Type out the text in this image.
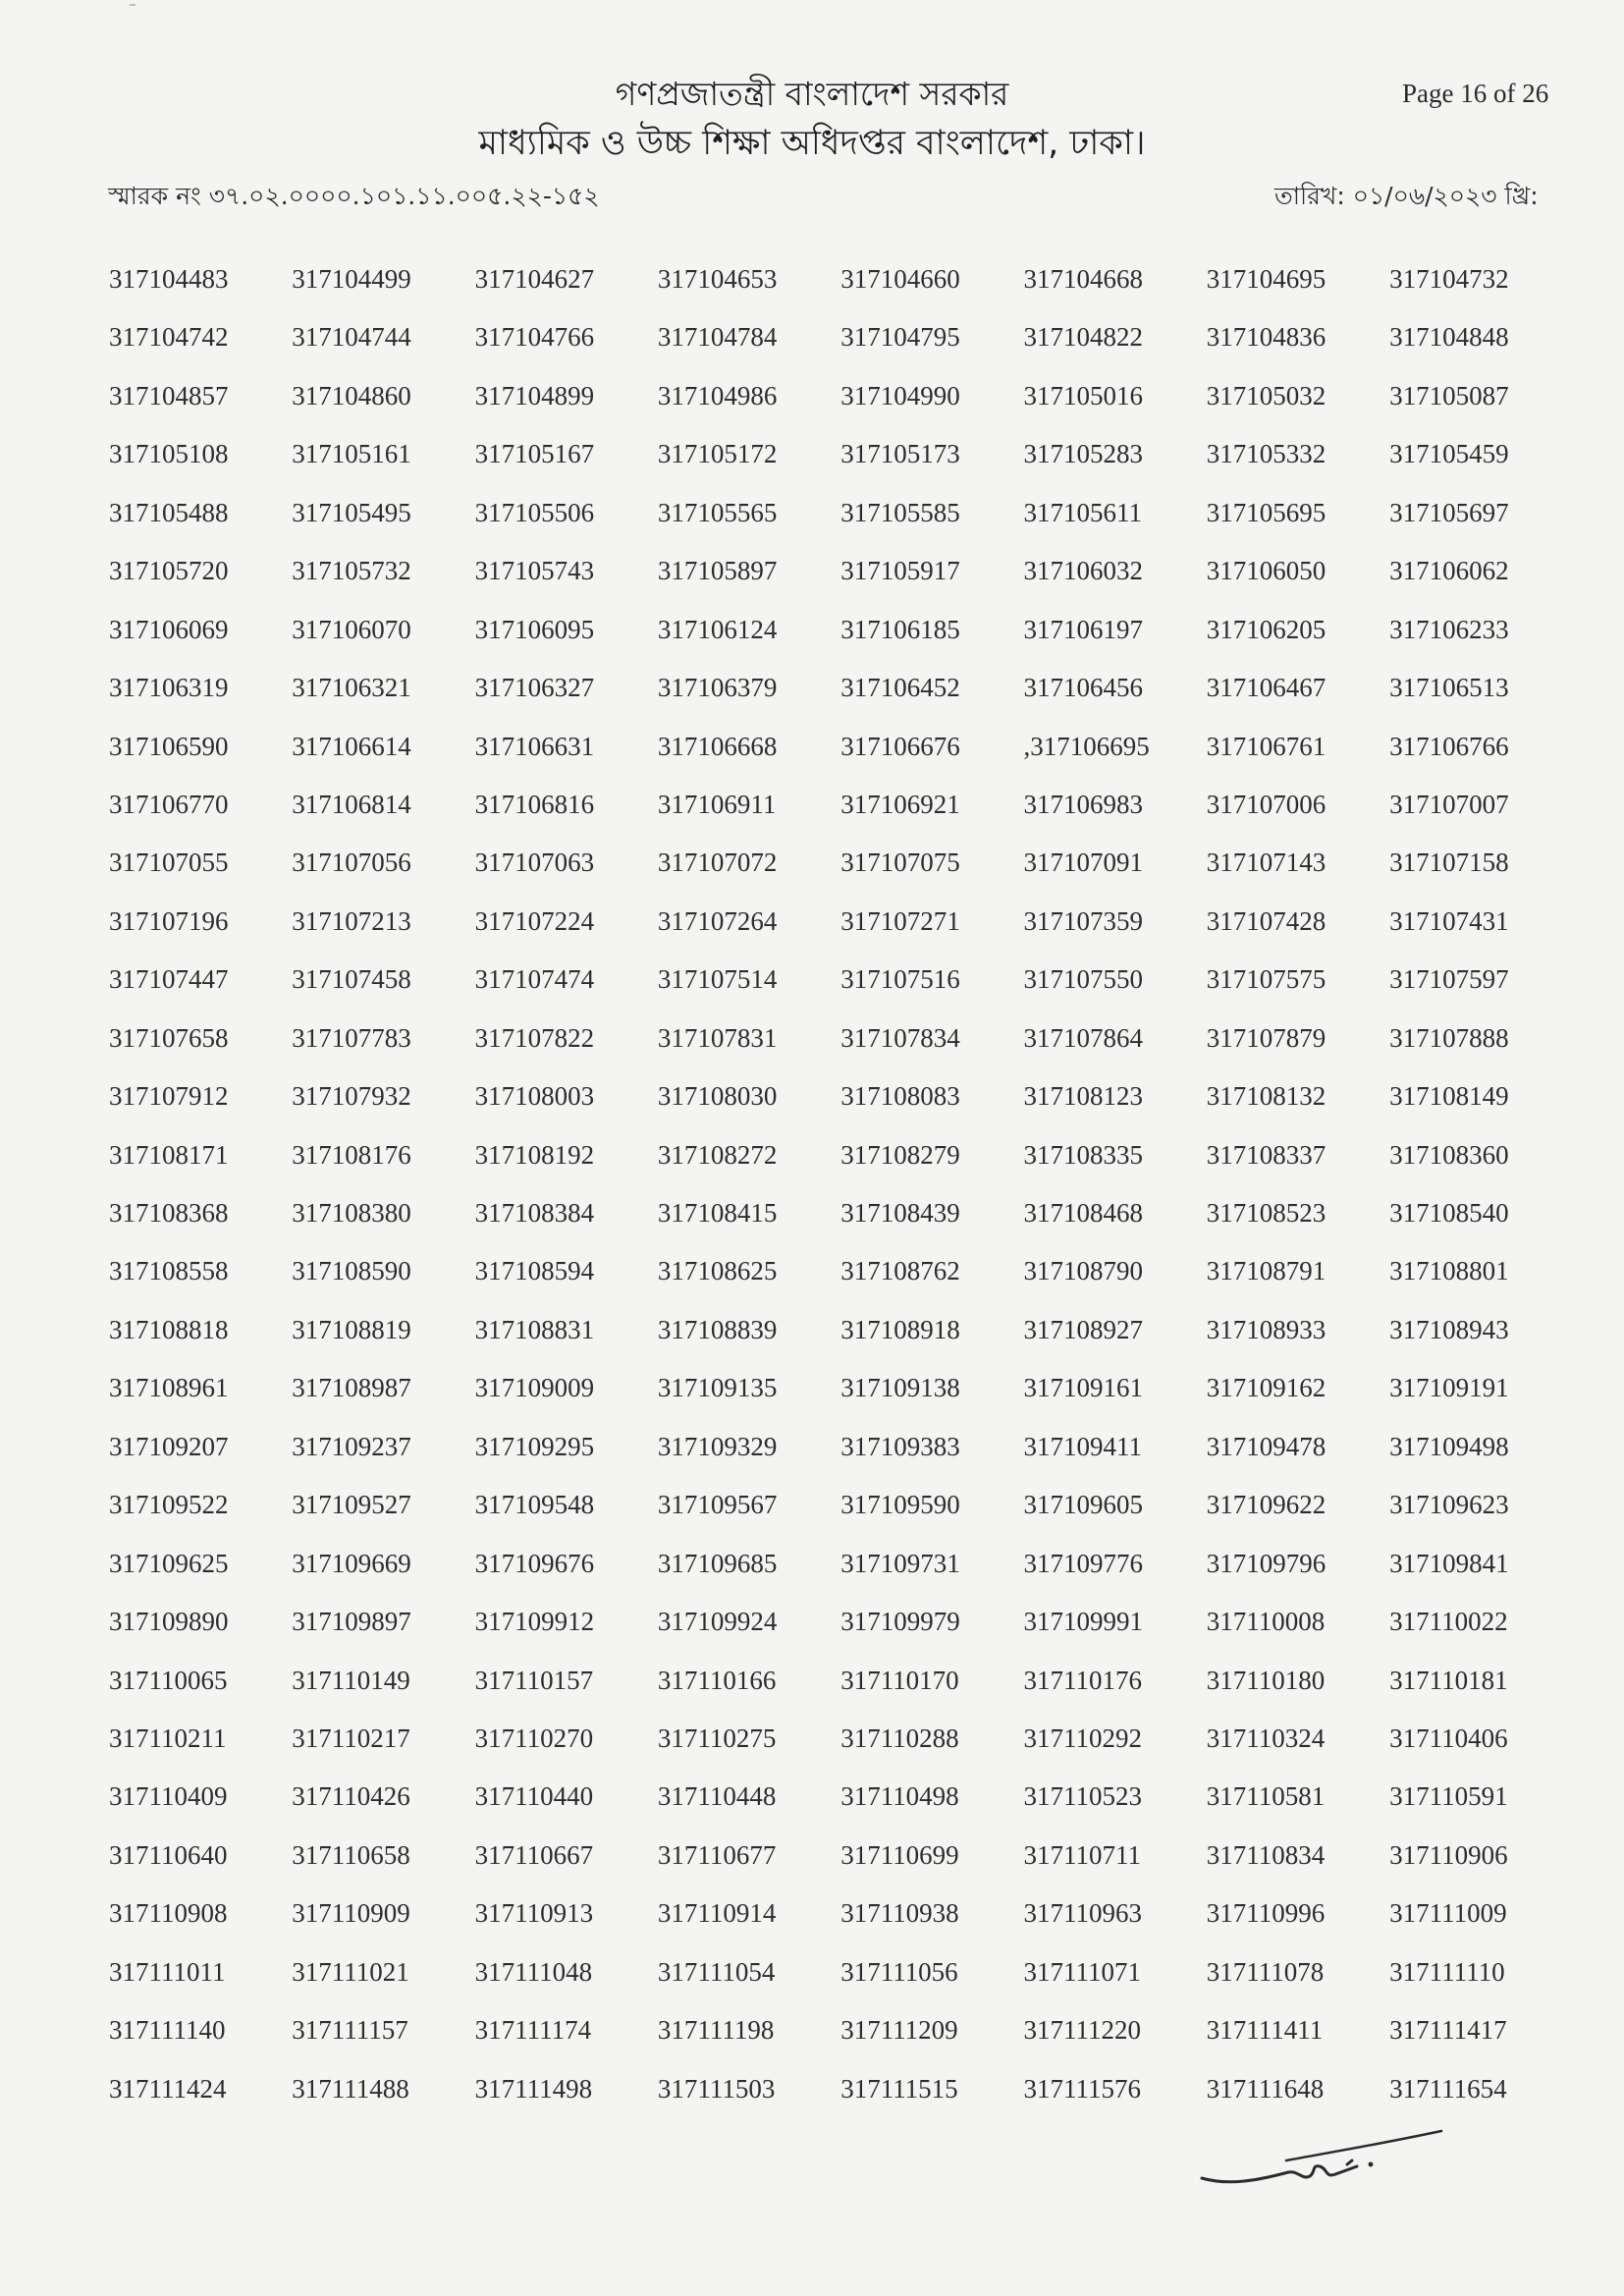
গণপ্রজাতন্ত্রী বাংলাদেশ সরকার
মাধ্যমিক ও উচ্চ শিক্ষা অধিদপ্তর বাংলাদেশ, ঢাকা।
Page 16 of 26
স্মারক নং ৩৭.০২.০০০০.১০১.১১.০০৫.২২-১৫২	তারিখ: ০১/০৬/২০২৩ খ্রি:
317104483	317104499	317104627	317104653	317104660	317104668	317104695	317104732
317104742	317104744	317104766	317104784	317104795	317104822	317104836	317104848
317104857	317104860	317104899	317104986	317104990	317105016	317105032	317105087
317105108	317105161	317105167	317105172	317105173	317105283	317105332	317105459
317105488	317105495	317105506	317105565	317105585	317105611	317105695	317105697
317105720	317105732	317105743	317105897	317105917	317106032	317106050	317106062
317106069	317106070	317106095	317106124	317106185	317106197	317106205	317106233
317106319	317106321	317106327	317106379	317106452	317106456	317106467	317106513
317106590	317106614	317106631	317106668	317106676	,317106695	317106761	317106766
317106770	317106814	317106816	317106911	317106921	317106983	317107006	317107007
317107055	317107056	317107063	317107072	317107075	317107091	317107143	317107158
317107196	317107213	317107224	317107264	317107271	317107359	317107428	317107431
317107447	317107458	317107474	317107514	317107516	317107550	317107575	317107597
317107658	317107783	317107822	317107831	317107834	317107864	317107879	317107888
317107912	317107932	317108003	317108030	317108083	317108123	317108132	317108149
317108171	317108176	317108192	317108272	317108279	317108335	317108337	317108360
317108368	317108380	317108384	317108415	317108439	317108468	317108523	317108540
317108558	317108590	317108594	317108625	317108762	317108790	317108791	317108801
317108818	317108819	317108831	317108839	317108918	317108927	317108933	317108943
317108961	317108987	317109009	317109135	317109138	317109161	317109162	317109191
317109207	317109237	317109295	317109329	317109383	317109411	317109478	317109498
317109522	317109527	317109548	317109567	317109590	317109605	317109622	317109623
317109625	317109669	317109676	317109685	317109731	317109776	317109796	317109841
317109890	317109897	317109912	317109924	317109979	317109991	317110008	317110022
317110065	317110149	317110157	317110166	317110170	317110176	317110180	317110181
317110211	317110217	317110270	317110275	317110288	317110292	317110324	317110406
317110409	317110426	317110440	317110448	317110498	317110523	317110581	317110591
317110640	317110658	317110667	317110677	317110699	317110711	317110834	317110906
317110908	317110909	317110913	317110914	317110938	317110963	317110996	317111009
317111011	317111021	317111048	317111054	317111056	317111071	317111078	317111110
317111140	317111157	317111174	317111198	317111209	317111220	317111411	317111417
317111424	317111488	317111498	317111503	317111515	317111576	317111648	317111654
